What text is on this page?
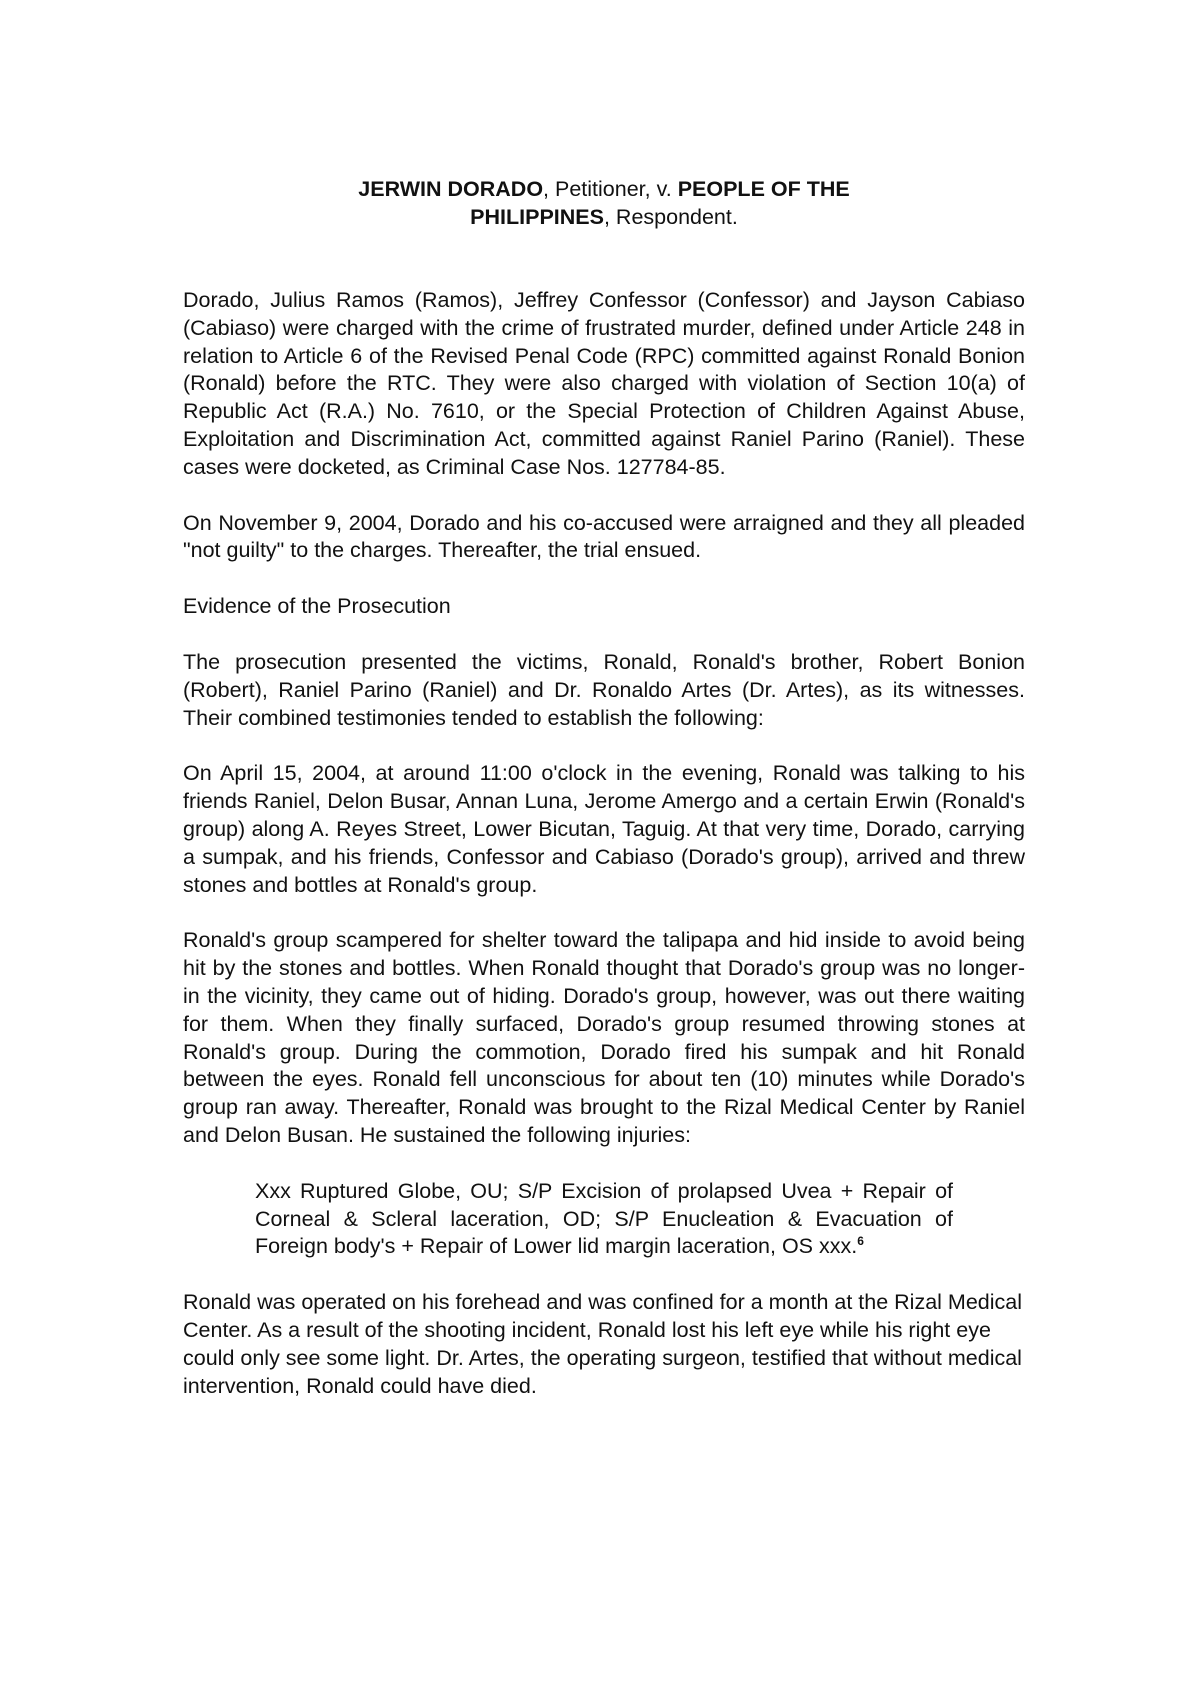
JERWIN DORADO, Petitioner, v. PEOPLE OF THE
PHILIPPINES, Respondent.

Dorado, Julius Ramos (Ramos), Jeffrey Confessor (Confessor) and Jayson Cabiaso (Cabiaso) were charged with the crime of frustrated murder, defined under Article 248 in relation to Article 6 of the Revised Penal Code (RPC) committed against Ronald Bonion (Ronald) before the RTC. They were also charged with violation of Section 10(a) of Republic Act (R.A.) No. 7610, or the Special Protection of Children Against Abuse, Exploitation and Discrimination Act, committed against Raniel Parino (Raniel). These cases were docketed, as Criminal Case Nos. 127784-85.

On November 9, 2004, Dorado and his co-accused were arraigned and they all pleaded "not guilty" to the charges. Thereafter, the trial ensued.

Evidence of the Prosecution

The prosecution presented the victims, Ronald, Ronald's brother, Robert Bonion (Robert), Raniel Parino (Raniel) and Dr. Ronaldo Artes (Dr. Artes), as its witnesses. Their combined testimonies tended to establish the following:

On April 15, 2004, at around 11:00 o'clock in the evening, Ronald was talking to his friends Raniel, Delon Busar, Annan Luna, Jerome Amergo and a certain Erwin (Ronald's group) along A. Reyes Street, Lower Bicutan, Taguig. At that very time, Dorado, carrying a sumpak, and his friends, Confessor and Cabiaso (Dorado's group), arrived and threw stones and bottles at Ronald's group.

Ronald's group scampered for shelter toward the talipapa and hid inside to avoid being hit by the stones and bottles. When Ronald thought that Dorado's group was no longer-in the vicinity, they came out of hiding. Dorado's group, however, was out there waiting for them. When they finally surfaced, Dorado's group resumed throwing stones at Ronald's group. During the commotion, Dorado fired his sumpak and hit Ronald between the eyes. Ronald fell unconscious for about ten (10) minutes while Dorado's group ran away. Thereafter, Ronald was brought to the Rizal Medical Center by Raniel and Delon Busan. He sustained the following injuries:

Xxx Ruptured Globe, OU; S/P Excision of prolapsed Uvea + Repair of Corneal & Scleral laceration, OD; S/P Enucleation & Evacuation of Foreign body's + Repair of Lower lid margin laceration, OS xxx.$^6$

Ronald was operated on his forehead and was confined for a month at the Rizal Medical Center. As a result of the shooting incident, Ronald lost his left eye while his right eye could only see some light. Dr. Artes, the operating surgeon, testified that without medical intervention, Ronald could have died.
